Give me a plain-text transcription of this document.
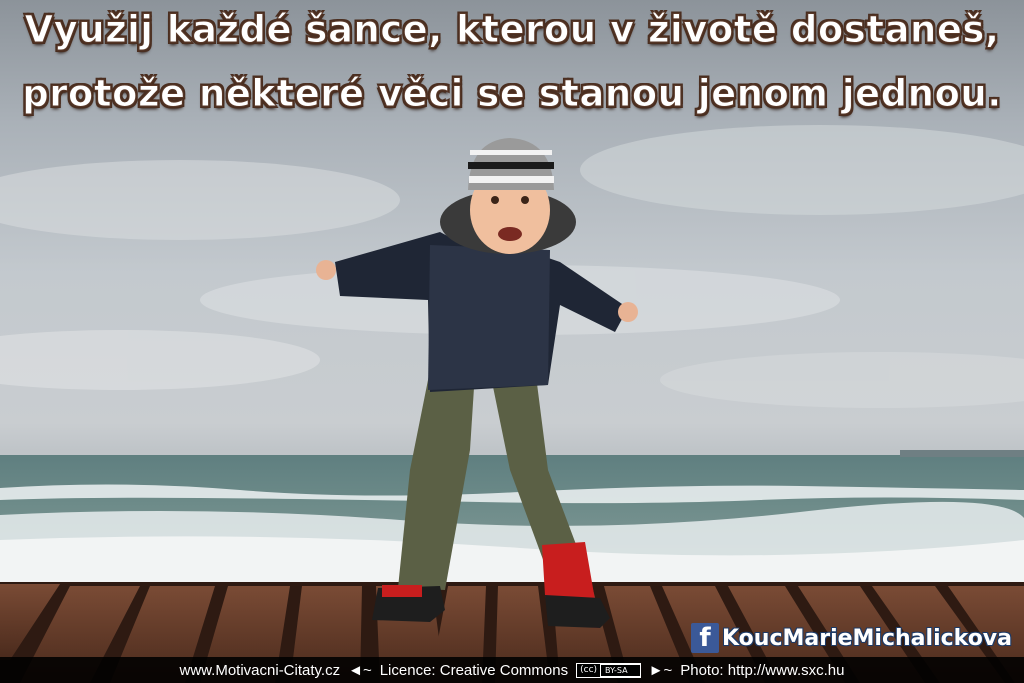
Využij každé šance, kterou v životě dostaneš,
protože některé věci se stanou jenom jednou.
f KoucMarieMichalickova
www.Motivacni-Citaty.cz ◄~ Licence: Creative Commons	(cc)	BY-SA	►~ Photo: http://www.sxc.hu
